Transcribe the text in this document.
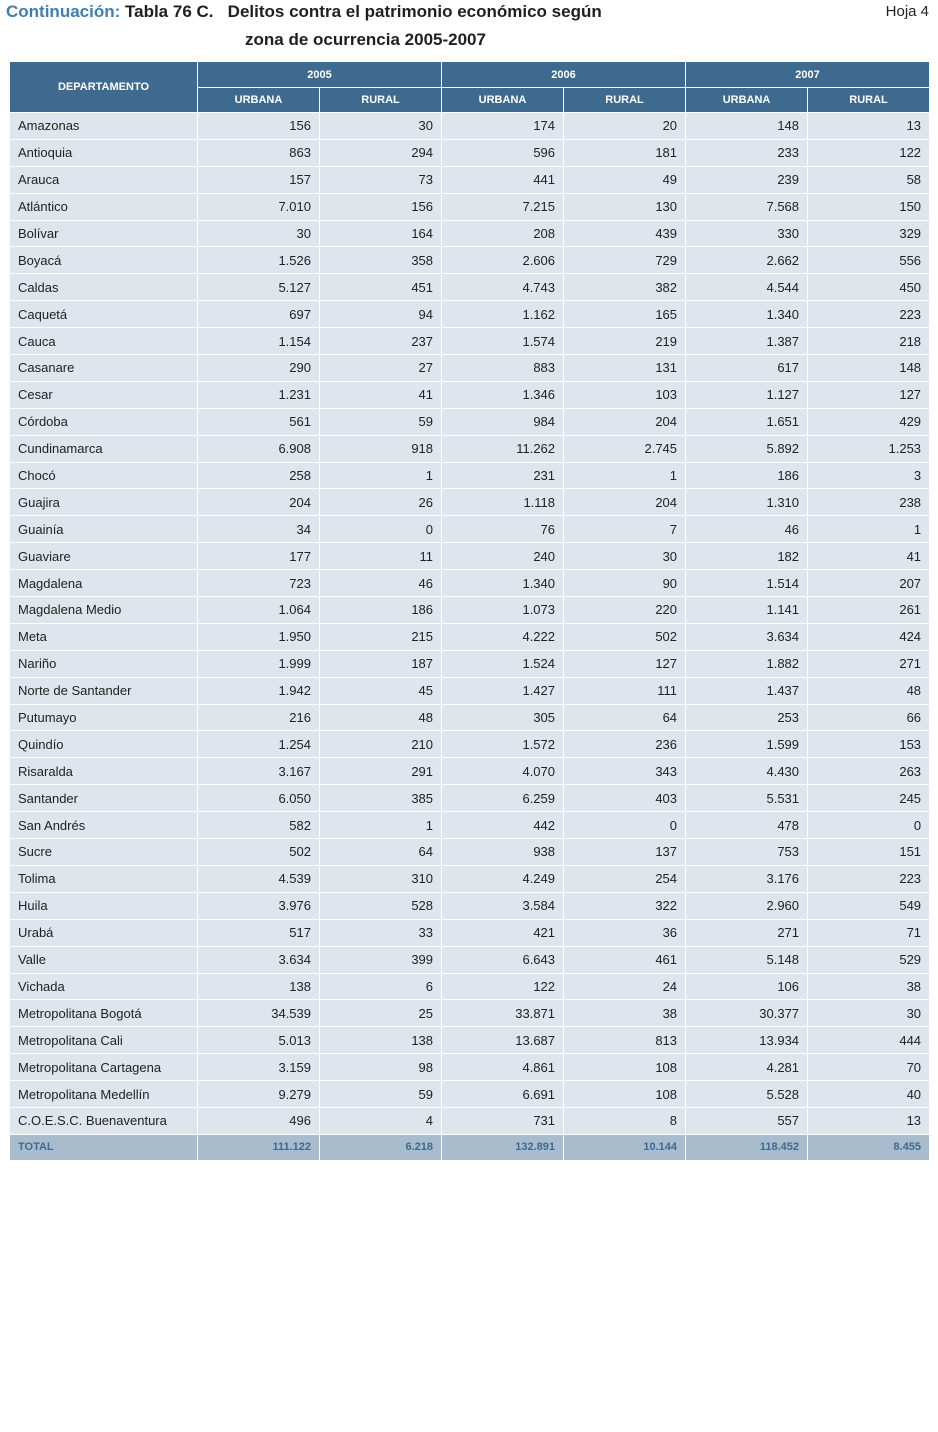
Continuación: Tabla 76 C. Delitos contra el patrimonio económico según
zona de ocurrencia 2005-2007
Hoja 4
DEPARTAMENTO	2005		2006		2007	
	URBANA	RURAL	URBANA	RURAL	URBANA	RURAL
Amazonas	156	30	174	20	148	13
Antioquia	863	294	596	181	233	122
Arauca	157	73	441	49	239	58
Atlántico	7.010	156	7.215	130	7.568	150
Bolívar	30	164	208	439	330	329
Boyacá	1.526	358	2.606	729	2.662	556
Caldas	5.127	451	4.743	382	4.544	450
Caquetá	697	94	1.162	165	1.340	223
Cauca	1.154	237	1.574	219	1.387	218
Casanare	290	27	883	131	617	148
Cesar	1.231	41	1.346	103	1.127	127
Córdoba	561	59	984	204	1.651	429
Cundinamarca	6.908	918	11.262	2.745	5.892	1.253
Chocó	258	1	231	1	186	3
Guajira	204	26	1.118	204	1.310	238
Guainía	34	0	76	7	46	1
Guaviare	177	11	240	30	182	41
Magdalena	723	46	1.340	90	1.514	207
Magdalena Medio	1.064	186	1.073	220	1.141	261
Meta	1.950	215	4.222	502	3.634	424
Nariño	1.999	187	1.524	127	1.882	271
Norte de Santander	1.942	45	1.427	111	1.437	48
Putumayo	216	48	305	64	253	66
Quindío	1.254	210	1.572	236	1.599	153
Risaralda	3.167	291	4.070	343	4.430	263
Santander	6.050	385	6.259	403	5.531	245
San Andrés	582	1	442	0	478	0
Sucre	502	64	938	137	753	151
Tolima	4.539	310	4.249	254	3.176	223
Huila	3.976	528	3.584	322	2.960	549
Urabá	517	33	421	36	271	71
Valle	3.634	399	6.643	461	5.148	529
Vichada	138	6	122	24	106	38
Metropolitana Bogotá	34.539	25	33.871	38	30.377	30
Metropolitana Cali	5.013	138	13.687	813	13.934	444
Metropolitana Cartagena	3.159	98	4.861	108	4.281	70
Metropolitana Medellín	9.279	59	6.691	108	5.528	40
C.O.E.S.C. Buenaventura	496	4	731	8	557	13
TOTAL	111.122	6.218	132.891	10.144	118.452	8.455
